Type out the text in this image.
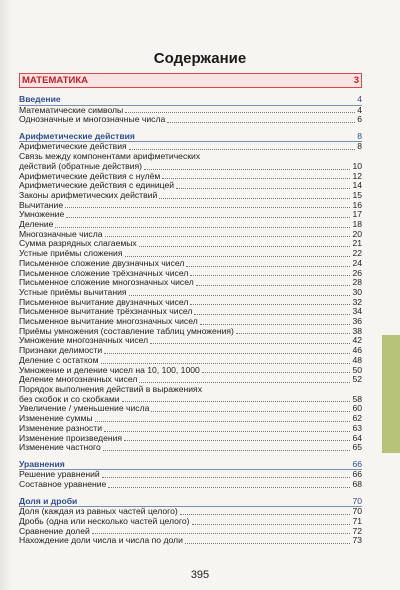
Содержание
МАТЕМАТИКА	3
Введение	4
Математические символы	4
Однозначные и многозначные числа	6
Арифметические действия	8
Арифметические действия	8
Связь между компонентами арифметических
действий (обратные действия)	10
Арифметические действия с нулём	12
Арифметические действия с единицей	14
Законы арифметических действий	15
Вычитание	16
Умножение	17
Деление	18
Многозначные числа	20
Сумма разрядных слагаемых	21
Устные приёмы сложения	22
Письменное сложение двузначных чисел	24
Письменное сложение трёхзначных чисел	26
Письменное сложение многозначных чисел	28
Устные приёмы вычитания	30
Письменное вычитание двузначных чисел	32
Письменное вычитание трёхзначных чисел	34
Письменное вычитание многозначных чисел	36
Приёмы умножения (составление таблиц умножения)	38
Умножение многозначных чисел	42
Признаки делимости	46
Деление с остатком	48
Умножение и деление чисел на 10, 100, 1000	50
Деление многозначных чисел	52
Порядок выполнения действий в выражениях
без скобок и со скобками	58
Увеличение / уменьшение числа	60
Изменение суммы	62
Изменение разности	63
Изменение произведения	64
Изменение частного	65
Уравнения	66
Решение уравнений	66
Составное уравнение	68
Доля и дроби	70
Доля (каждая из равных частей целого)	70
Дробь (одна или несколько частей целого)	71
Сравнение долей	72
Нахождение доли числа и числа по доли	73
395
